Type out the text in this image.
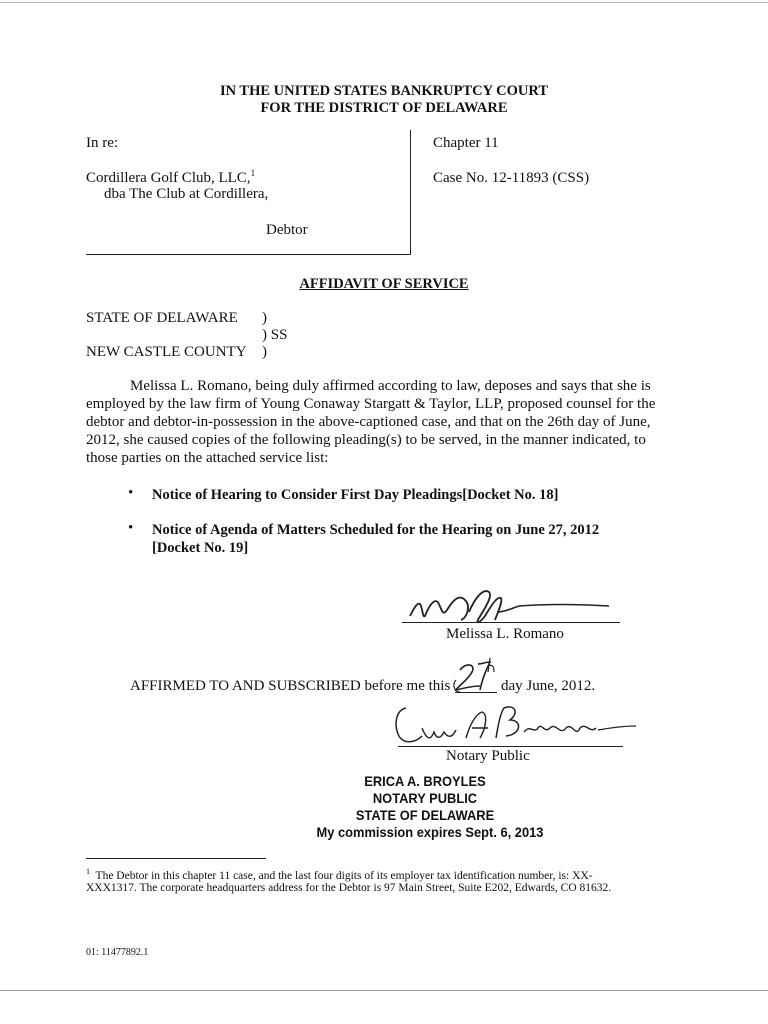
IN THE UNITED STATES BANKRUPTCY COURT
FOR THE DISTRICT OF DELAWARE
In re:
Cordillera Golf Club, LLC,$^1$
dba The Club at Cordillera,
Debtor
Chapter 11
Case No. 12-11893 (CSS)
AFFIDAVIT OF SERVICE
STATE OF DELAWARE )
) SS
NEW CASTLE COUNTY )
Melissa L. Romano, being duly affirmed according to law, deposes and says that she is
employed by the law firm of Young Conaway Stargatt & Taylor, LLP, proposed counsel for the
debtor and debtor-in-possession in the above-captioned case, and that on the 26th day of June,
2012, she caused copies of the following pleading(s) to be served, in the manner indicated, to
those parties on the attached service list:
• Notice of Hearing to Consider First Day Pleadings[Docket No. 18]
• Notice of Agenda of Matters Scheduled for the Hearing on June 27, 2012 [Docket No. 19]
Melissa L. Romano
AFFIRMED TO AND SUBSCRIBED before me this	day June, 2012.
Notary Public
ERICA A. BROYLES
NOTARY PUBLIC
STATE OF DELAWARE
My commission expires Sept. 6, 2013
$^1$ The Debtor in this chapter 11 case, and the last four digits of its employer tax identification number, is: XX-
XXX1317. The corporate headquarters address for the Debtor is 97 Main Street, Suite E202, Edwards, CO 81632.
01: 11477892.1
